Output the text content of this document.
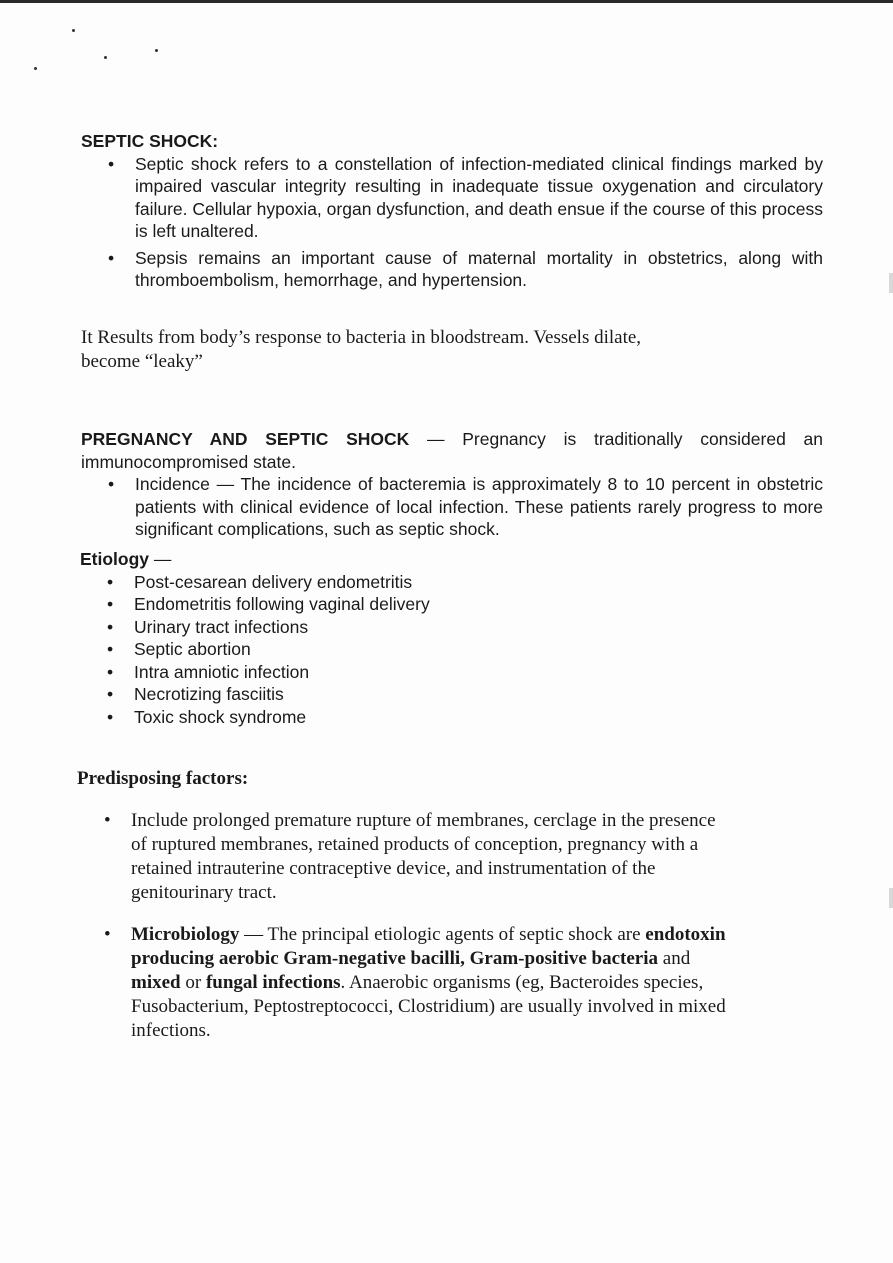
SEPTIC SHOCK:
• Septic shock refers to a constellation of infection-mediated clinical findings marked by impaired vascular integrity resulting in inadequate tissue oxygenation and circulatory failure. Cellular hypoxia, organ dysfunction, and death ensue if the course of this process is left unaltered.
• Sepsis remains an important cause of maternal mortality in obstetrics, along with thromboembolism, hemorrhage, and hypertension.
It Results from body’s response to bacteria in bloodstream. Vessels dilate,
become “leaky”
PREGNANCY AND SEPTIC SHOCK — Pregnancy is traditionally considered an immunocompromised state.
• Incidence — The incidence of bacteremia is approximately 8 to 10 percent in obstetric patients with clinical evidence of local infection. These patients rarely progress to more significant complications, such as septic shock.
Etiology —
• Post-cesarean delivery endometritis
• Endometritis following vaginal delivery
• Urinary tract infections
• Septic abortion
• Intra amniotic infection
• Necrotizing fasciitis
• Toxic shock syndrome
Predisposing factors:
• Include prolonged premature rupture of membranes, cerclage in the presence of ruptured membranes, retained products of conception, pregnancy with a retained intrauterine contraceptive device, and instrumentation of the genitourinary tract.
• Microbiology — The principal etiologic agents of septic shock are endotoxin producing aerobic Gram-negative bacilli, Gram-positive bacteria and mixed or fungal infections. Anaerobic organisms (eg, Bacteroides species, Fusobacterium, Peptostreptococci, Clostridium) are usually involved in mixed infections.
